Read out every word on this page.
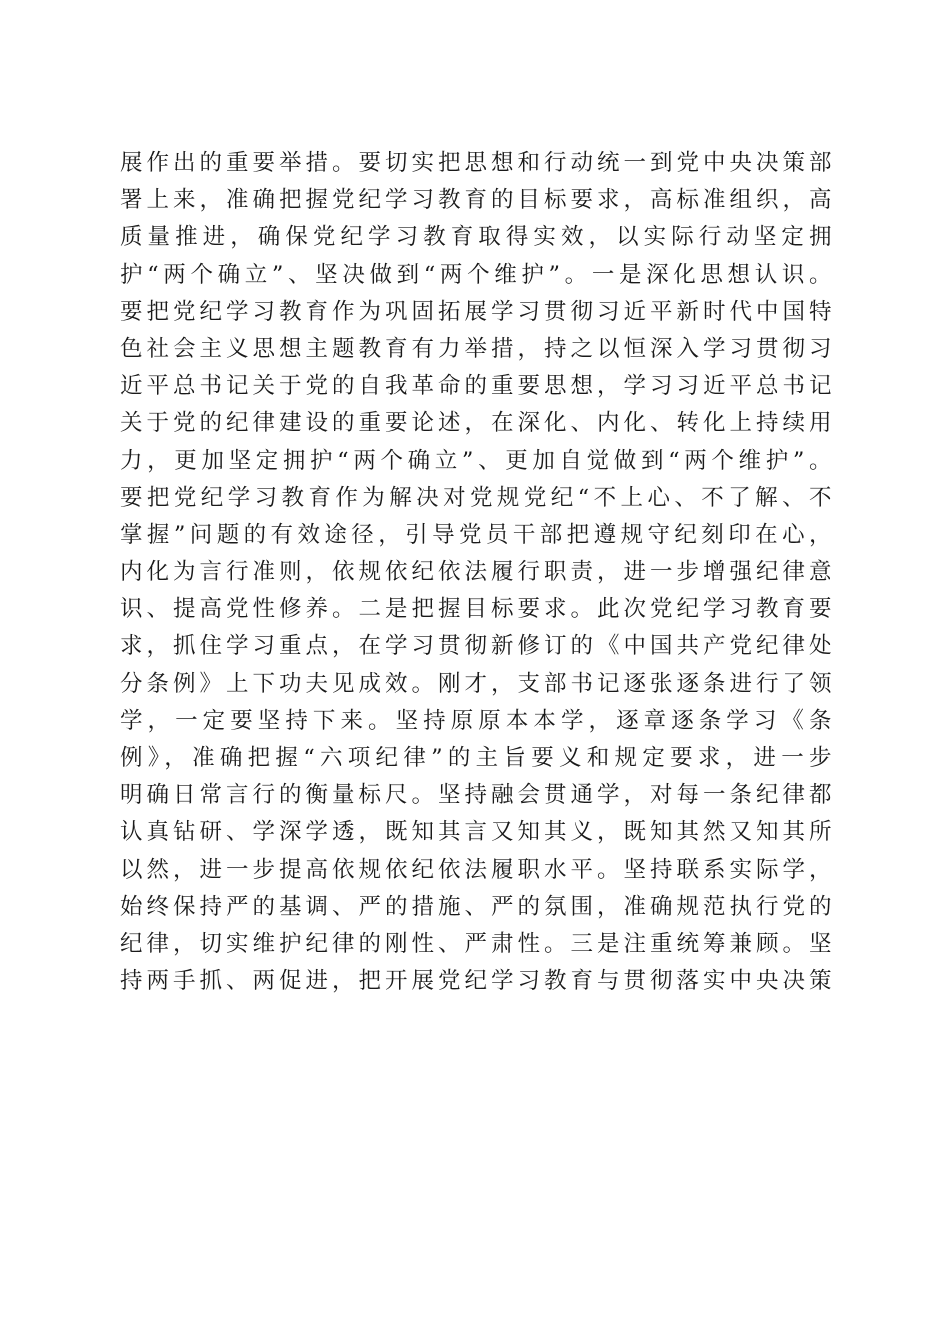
展作出的重要举措。要切实把思想和行动统一到党中央决策部
署上来，准确把握党纪学习教育的目标要求，高标准组织，高
质量推进，确保党纪学习教育取得实效，以实际行动坚定拥
护“两个确立”、坚决做到“两个维护”。一是深化思想认识。
要把党纪学习教育作为巩固拓展学习贯彻习近平新时代中国特
色社会主义思想主题教育有力举措，持之以恒深入学习贯彻习
近平总书记关于党的自我革命的重要思想，学习习近平总书记
关于党的纪律建设的重要论述，在深化、内化、转化上持续用
力，更加坚定拥护“两个确立”、更加自觉做到“两个维护”。
要把党纪学习教育作为解决对党规党纪“不上心、不了解、不
掌握”问题的有效途径，引导党员干部把遵规守纪刻印在心，
内化为言行准则，依规依纪依法履行职责，进一步增强纪律意
识、提高党性修养。二是把握目标要求。此次党纪学习教育要
求，抓住学习重点，在学习贯彻新修订的《中国共产党纪律处
分条例》上下功夫见成效。刚才，支部书记逐张逐条进行了领
学，一定要坚持下来。坚持原原本本学，逐章逐条学习《条
例》，准确把握“六项纪律”的主旨要义和规定要求，进一步
明确日常言行的衡量标尺。坚持融会贯通学，对每一条纪律都
认真钻研、学深学透，既知其言又知其义，既知其然又知其所
以然，进一步提高依规依纪依法履职水平。坚持联系实际学，
始终保持严的基调、严的措施、严的氛围，准确规范执行党的
纪律，切实维护纪律的刚性、严肃性。三是注重统筹兼顾。坚
持两手抓、两促进，把开展党纪学习教育与贯彻落实中央决策
